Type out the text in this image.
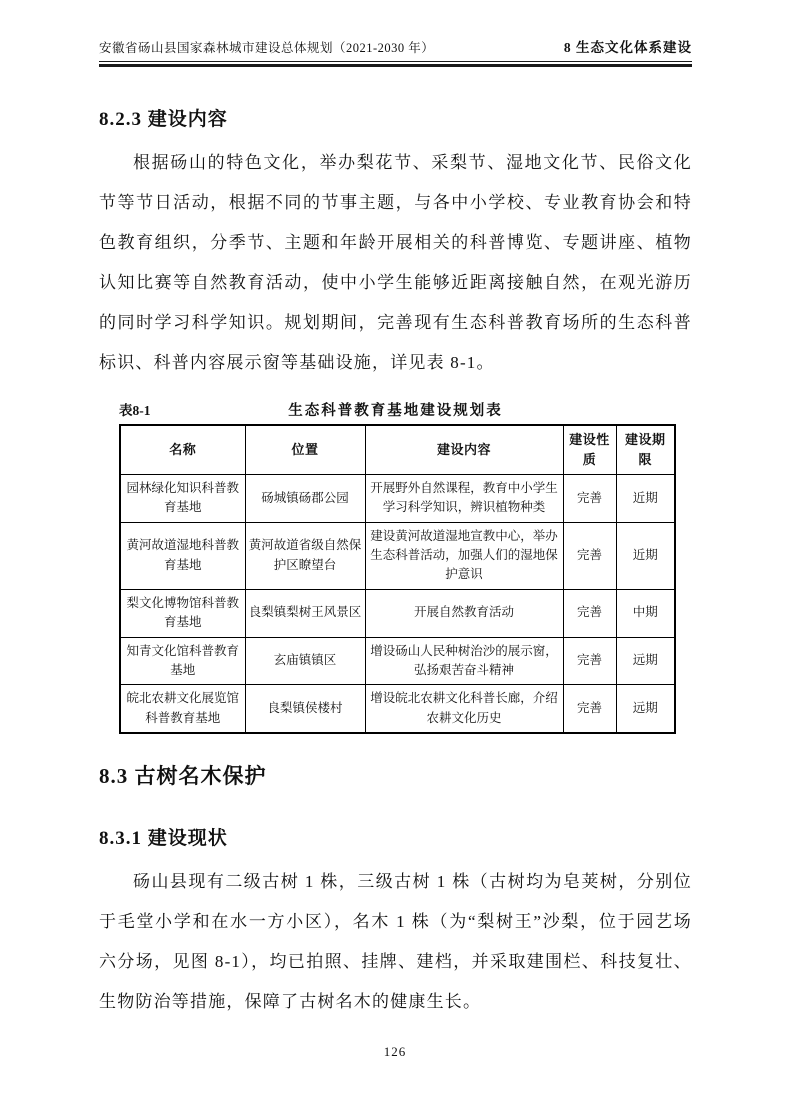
安徽省砀山县国家森林城市建设总体规划（2021-2030 年）	8 生态文化体系建设
8.2.3 建设内容

根据砀山的特色文化，举办梨花节、采梨节、湿地文化节、民俗文化节等节日活动，根据不同的节事主题，与各中小学校、专业教育协会和特色教育组织，分季节、主题和年龄开展相关的科普博览、专题讲座、植物认知比赛等自然教育活动，使中小学生能够近距离接触自然，在观光游历的同时学习科学知识。规划期间，完善现有生态科普教育场所的生态科普标识、科普内容展示窗等基础设施，详见表 8-1。

表8-1	生态科普教育基地建设规划表
名称	位置	建设内容	建设性质	建设期限
园林绿化知识科普教育基地	砀城镇砀郡公园	开展野外自然课程，教育中小学生学习科学知识，辨识植物种类	完善	近期
黄河故道湿地科普教育基地	黄河故道省级自然保护区瞭望台	建设黄河故道湿地宣教中心，举办生态科普活动，加强人们的湿地保护意识	完善	近期
梨文化博物馆科普教育基地	良梨镇梨树王风景区	开展自然教育活动	完善	中期
知青文化馆科普教育基地	玄庙镇镇区	增设砀山人民种树治沙的展示窗，弘扬艰苦奋斗精神	完善	远期
皖北农耕文化展览馆科普教育基地	良梨镇侯楼村	增设皖北农耕文化科普长廊，介绍农耕文化历史	完善	远期
8.3 古树名木保护
8.3.1 建设现状

砀山县现有二级古树 1 株，三级古树 1 株（古树均为皂荚树，分别位于毛堂小学和在水一方小区），名木 1 株（为“梨树王”沙梨，位于园艺场六分场，见图 8-1），均已拍照、挂牌、建档，并采取建围栏、科技复壮、生物防治等措施，保障了古树名木的健康生长。

126
